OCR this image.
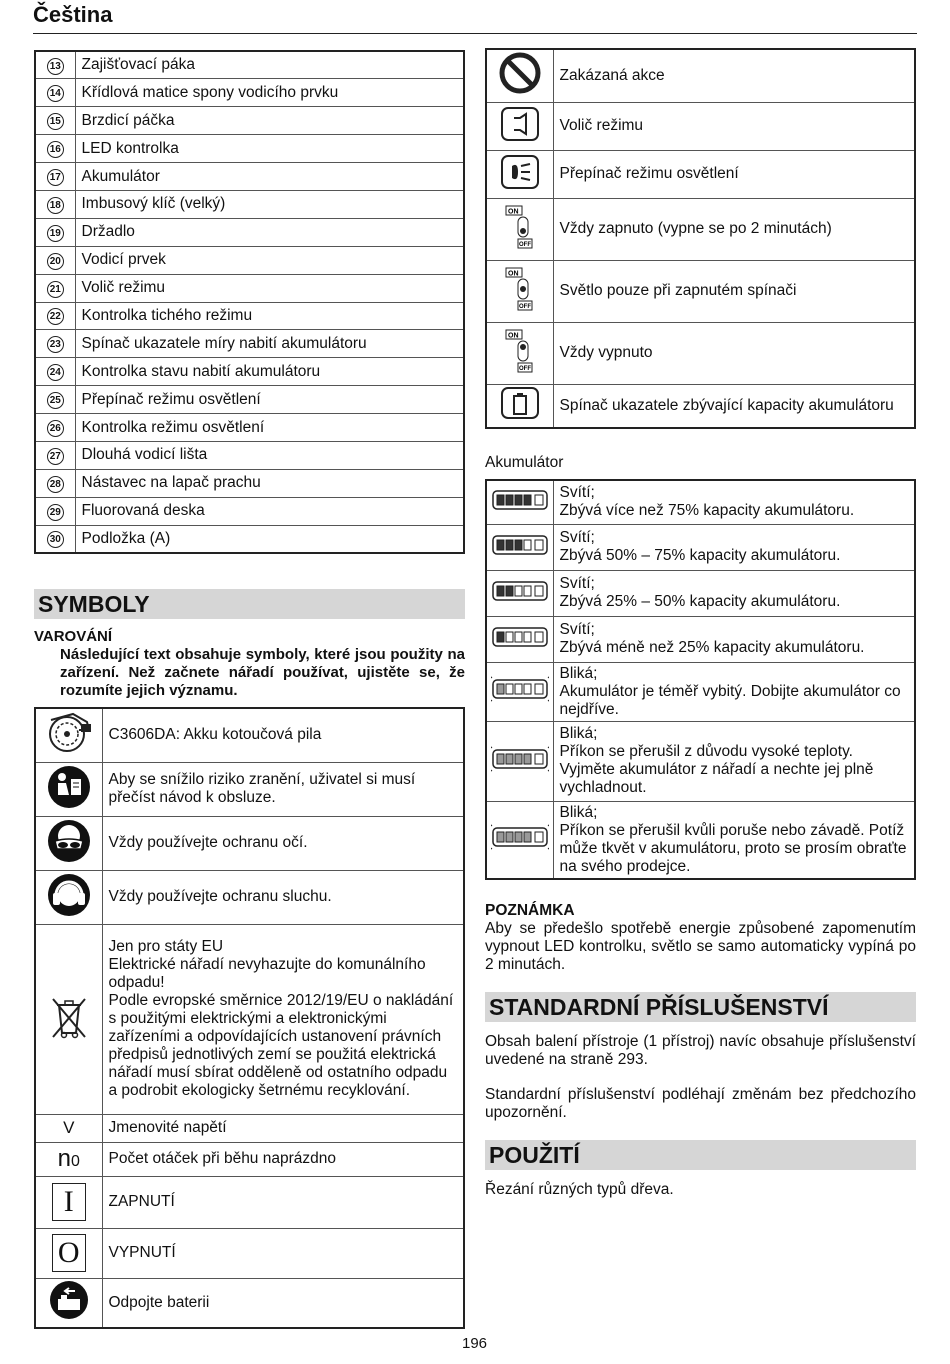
Čeština
13	Zajišťovací páka
14	Křídlová matice spony vodicího prvku
15	Brzdicí páčka
16	LED kontrolka
17	Akumulátor
18	Imbusový klíč (velký)
19	Držadlo
20	Vodicí prvek
21	Volič režimu
22	Kontrolka tichého režimu
23	Spínač ukazatele míry nabití akumulátoru
24	Kontrolka stavu nabití akumulátoru
25	Přepínač režimu osvětlení
26	Kontrolka režimu osvětlení
27	Dlouhá vodicí lišta
28	Nástavec na lapač prachu
29	Fluorovaná deska
30	Podložka (A)
SYMBOLY
VAROVÁNÍ
Následující text obsahuje symboly, které jsou použity na zařízení. Než začnete nářadí používat, ujistěte se, že rozumíte jejich významu.
	C3606DA: Akku kotoučová pila
	Aby se snížilo riziko zranění, uživatel si musí přečíst návod k obsluze.
	Vždy používejte ochranu očí.
	Vždy používejte ochranu sluchu.
	Jen pro státy EU
Elektrické nářadí nevyhazujte do komunálního odpadu!
Podle evropské směrnice 2012/19/EU o nakládání s použitými elektrickými a elektronickými zařízeními a odpovídajících ustanovení právních předpisů jednotlivých zemí se použitá elektrická nářadí musí sbírat odděleně od ostatního odpadu a podrobit ekologicky šetrnému recyklování.
V	Jmenovité napětí
n0	Počet otáček při běhu naprázdno
I	ZAPNUTÍ
O	VYPNUTÍ
	Odpojte baterii
	Zakázaná akce
	Volič režimu
	Přepínač režimu osvětlení

ON
OFF	Vždy zapnuto (vypne se po 2 minutách)

ON
OFF	Světlo pouze při zapnutém spínači

ON
OFF	Vždy vypnuto
	Spínač ukazatele zbývající kapacity akumulátoru
Akumulátor

Svítí;
Zbývá více než 75% kapacity akumulátoru.

Svítí;
Zbývá 50% – 75% kapacity akumulátoru.

Svítí;
Zbývá 25% – 50% kapacity akumulátoru.

Svítí;
Zbývá méně než 25% kapacity akumulátoru.

Bliká;
Akumulátor je téměř vybitý. Dobijte akumulátor co nejdříve.

Bliká;
Příkon se přerušil z důvodu vysoké teploty. Vyjměte akumulátor z nářadí a nechte jej plně vychladnout.

Bliká;
Příkon se přerušil kvůli poruše nebo závadě. Potíž může tkvět v akumulátoru, proto se prosím obraťte na svého prodejce.
POZNÁMKA
Aby se předešlo spotřebě energie způsobené zapomenutím vypnout LED kontrolku, světlo se samo automaticky vypíná po 2 minutách.
STANDARDNÍ PŘÍSLUŠENSTVÍ
Obsah balení přístroje (1 přístroj) navíc obsahuje příslušenství uvedené na straně 293.
Standardní příslušenství podléhají změnám bez předchozího upozornění.
POUŽITÍ
Řezání různých typů dřeva.
196
